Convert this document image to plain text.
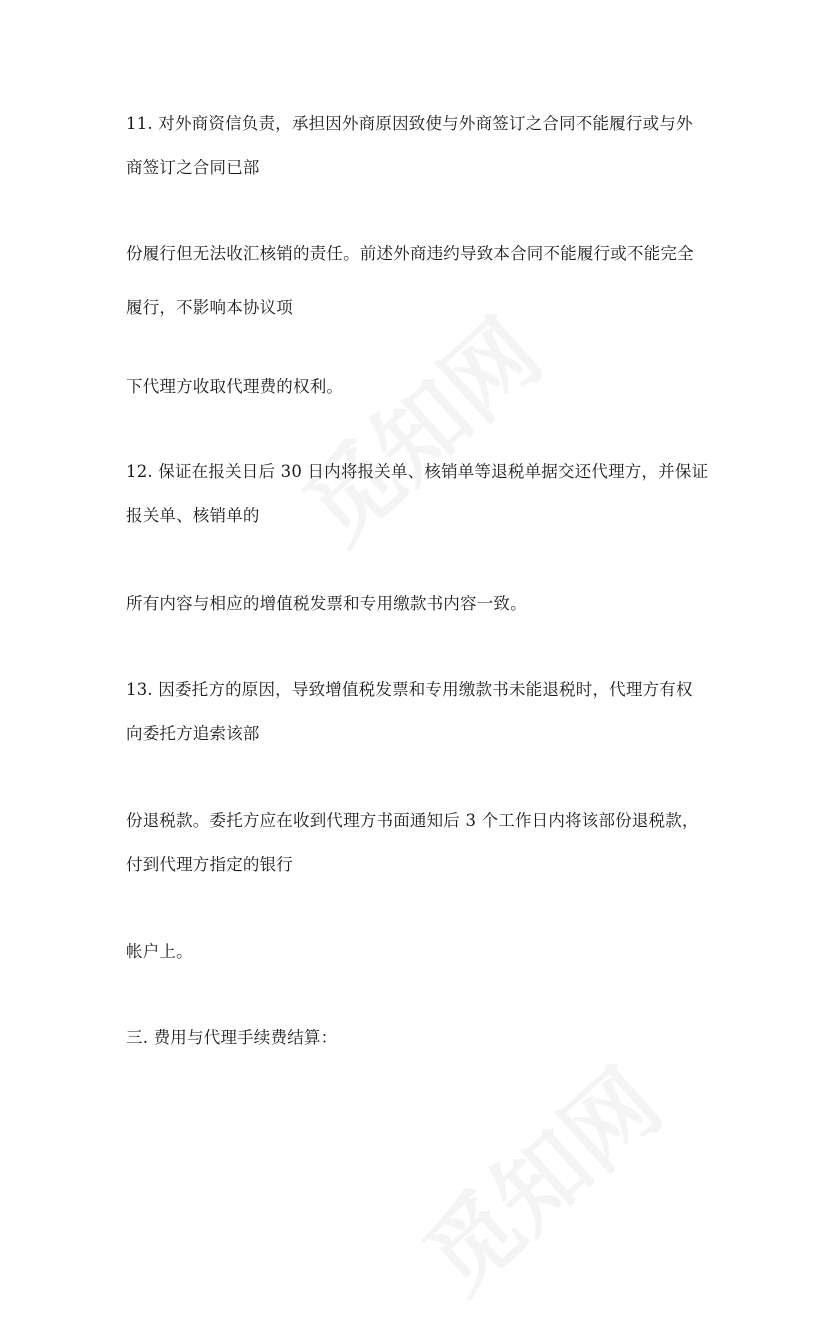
11. 对外商资信负责，承担因外商原因致使与外商签订之合同不能履行或与外
商签订之合同已部
份履行但无法收汇核销的责任。前述外商违约导致本合同不能履行或不能完全
履行，不影响本协议项
下代理方收取代理费的权利。
12. 保证在报关日后 30 日内将报关单、核销单等退税单据交还代理方，并保证
报关单、核销单的
所有内容与相应的增值税发票和专用缴款书内容一致。
13. 因委托方的原因，导致增值税发票和专用缴款书未能退税时，代理方有权
向委托方追索该部
份退税款。委托方应在收到代理方书面通知后 3 个工作日内将该部份退税款，
付到代理方指定的银行
帐户上。
三. 费用与代理手续费结算：
